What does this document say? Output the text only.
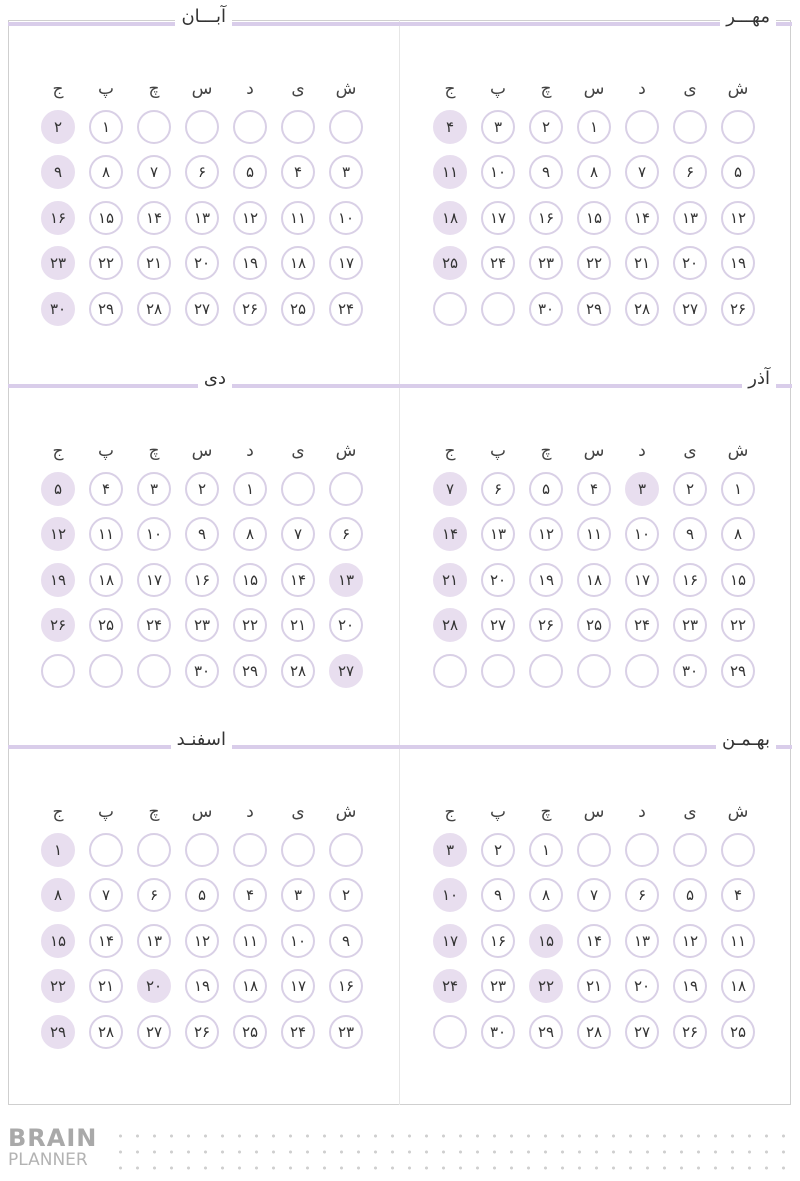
مهـــر
ش
ی
د
س
چ
پ
ج
۱
۲
۳
۴
۵
۶
۷
۸
۹
۱۰
۱۱
۱۲
۱۳
۱۴
۱۵
۱۶
۱۷
۱۸
۱۹
۲۰
۲۱
۲۲
۲۳
۲۴
۲۵
۲۶
۲۷
۲۸
۲۹
۳۰
آبـــان
ش
ی
د
س
چ
پ
ج
۱
۲
۳
۴
۵
۶
۷
۸
۹
۱۰
۱۱
۱۲
۱۳
۱۴
۱۵
۱۶
۱۷
۱۸
۱۹
۲۰
۲۱
۲۲
۲۳
۲۴
۲۵
۲۶
۲۷
۲۸
۲۹
۳۰
آذر
ش
ی
د
س
چ
پ
ج
۱
۲
۳
۴
۵
۶
۷
۸
۹
۱۰
۱۱
۱۲
۱۳
۱۴
۱۵
۱۶
۱۷
۱۸
۱۹
۲۰
۲۱
۲۲
۲۳
۲۴
۲۵
۲۶
۲۷
۲۸
۲۹
۳۰
دی
ش
ی
د
س
چ
پ
ج
۱
۲
۳
۴
۵
۶
۷
۸
۹
۱۰
۱۱
۱۲
۱۳
۱۴
۱۵
۱۶
۱۷
۱۸
۱۹
۲۰
۲۱
۲۲
۲۳
۲۴
۲۵
۲۶
۲۷
۲۸
۲۹
۳۰
بهـمـن
ش
ی
د
س
چ
پ
ج
۱
۲
۳
۴
۵
۶
۷
۸
۹
۱۰
۱۱
۱۲
۱۳
۱۴
۱۵
۱۶
۱۷
۱۸
۱۹
۲۰
۲۱
۲۲
۲۳
۲۴
۲۵
۲۶
۲۷
۲۸
۲۹
۳۰
اسفنـد
ش
ی
د
س
چ
پ
ج
۱
۲
۳
۴
۵
۶
۷
۸
۹
۱۰
۱۱
۱۲
۱۳
۱۴
۱۵
۱۶
۱۷
۱۸
۱۹
۲۰
۲۱
۲۲
۲۳
۲۴
۲۵
۲۶
۲۷
۲۸
۲۹
BRAIN
PLANNER
